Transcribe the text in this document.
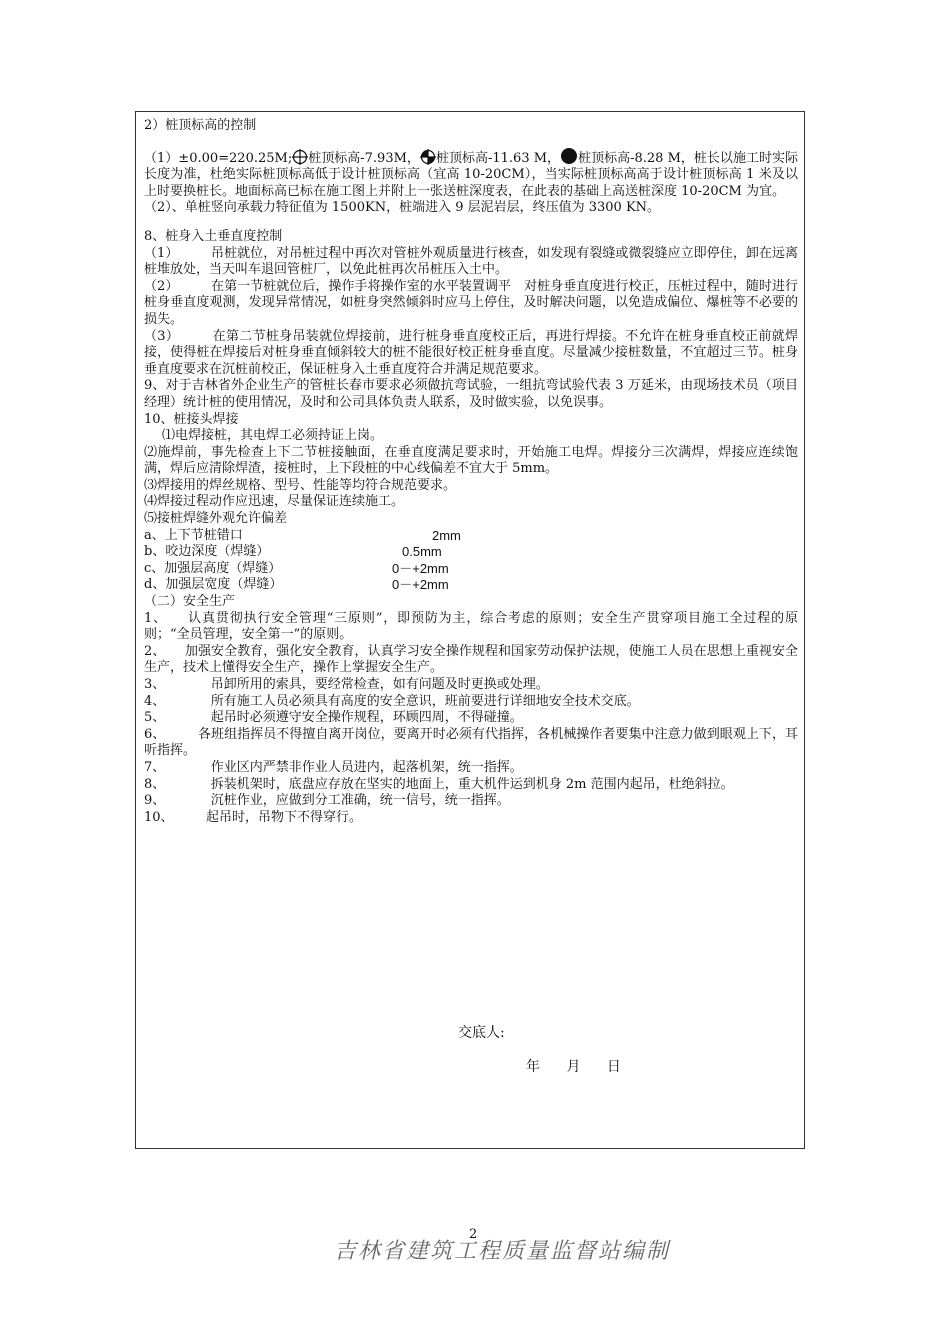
2）桩顶标高的控制

（1）±0.00=220.25M; 桩顶标高-7.93M， 桩顶标高-11.63 M， 桩顶标高-8.28 M，桩长以施工时实际长度为准，杜绝实际桩顶标高低于设计桩顶标高（宜高 10-20CM），当实际桩顶标高高于设计桩顶标高 1 米及以上时要换桩长。地面标高已标在施工图上并附上一张送桩深度表，在此表的基础上高送桩深度 10-20CM 为宜。

（2）、单桩竖向承载力特征值为 1500KN，桩端进入 9 层泥岩层，终压值为 3300 KN。

8、桩身入土垂直度控制

（1）　　　吊桩就位，对吊桩过程中再次对管桩外观质量进行核查，如发现有裂缝或微裂缝应立即停住，卸在远离桩堆放处，当天叫车退回管桩厂，以免此桩再次吊桩压入土中。

（2）　　　在第一节桩就位后，操作手将操作室的水平装置调平　对桩身垂直度进行校正，压桩过程中，随时进行桩身垂直度观测，发现异常情况，如桩身突然倾斜时应马上停住，及时解决问题，以免造成偏位、爆桩等不必要的损失。

（3）　　　在第二节桩身吊装就位焊接前，进行桩身垂直度校正后，再进行焊接。不允许在桩身垂直校正前就焊接，使得桩在焊接后对桩身垂直倾斜较大的桩不能很好校正桩身垂直度。尽量减少接桩数量，不宜超过三节。桩身垂直度要求在沉桩前校正，保证桩身入土垂直度符合并满足规范要求。

9、对于吉林省外企业生产的管桩长春市要求必须做抗弯试验，一组抗弯试验代表 3 万延米，由现场技术员（项目经理）统计桩的使用情况，及时和公司具体负责人联系，及时做实验，以免误事。

10、桩接头焊接

⑴电焊接桩，其电焊工必须持证上岗。

⑵施焊前，事先检查上下二节桩接触面，在垂直度满足要求时，开始施工电焊。焊接分三次满焊，焊接应连续饱满，焊后应清除焊渣，接桩时，上下段桩的中心线偏差不宜大于 5mm。

⑶焊接用的焊丝规格、型号、性能等均符合规范要求。

⑷焊接过程动作应迅速，尽量保证连续施工。

⑸接桩焊缝外观允许偏差

a、上下节桩错口	2mm
b、咬边深度（焊缝）	0.5mm
c、加强层高度（焊缝）	0－+2mm
d、加强层宽度（焊缝）	0－+2mm

（二）安全生产

1、　　认真贯彻执行安全管理“三原则”，即预防为主，综合考虑的原则；安全生产贯穿项目施工全过程的原则；“全员管理，安全第一”的原则。

2、　　加强安全教育，强化安全教育，认真学习安全操作规程和国家劳动保护法规，使施工人员在思想上重视安全生产，技术上懂得安全生产，操作上掌握安全生产。

3、　　　　吊卸所用的索具，要经常检查，如有问题及时更换或处理。

4、　　　　所有施工人员必须具有高度的安全意识，班前要进行详细地安全技术交底。

5、　　　　起吊时必须遵守安全操作规程，环顾四周，不得碰撞。

6、　　　各班组指挥员不得擅自离开岗位，要离开时必须有代指挥，各机械操作者要集中注意力做到眼观上下，耳听指挥。

7、　　　　作业区内严禁非作业人员进内，起落机架，统一指挥。

8、　　　　拆装机架时，底盘应存放在坚实的地面上，重大机件运到机身 2m 范围内起吊，杜绝斜拉。

9、　　　　沉桩作业，应做到分工准确，统一信号，统一指挥。

10、　　　起吊时，吊物下不得穿行。

交底人:
年 月 日
2
吉林省建筑工程质量监督站编制
